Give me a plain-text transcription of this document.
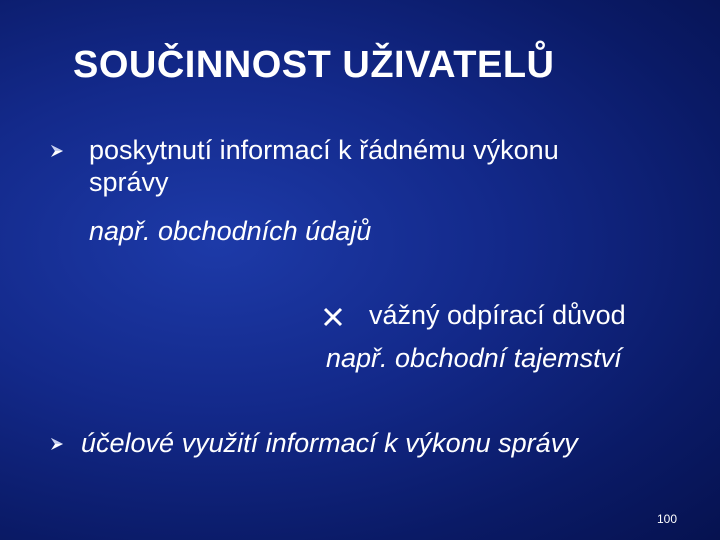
SOUČINNOST UŽIVATELŮ
poskytnutí informací k řádnému výkonu
správy
např. obchodních údajů
vážný odpírací důvod
např. obchodní tajemství
účelové využití informací k výkonu správy
100
